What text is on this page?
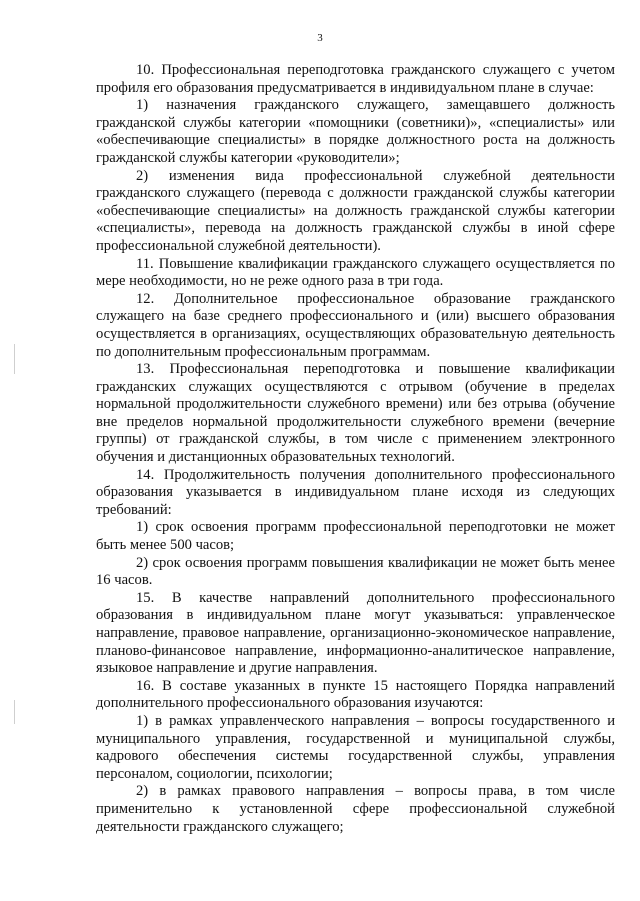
3

10. Профессиональная переподготовка гражданского служащего с учетом профиля его образования предусматривается в индивидуальном плане в случае:

1) назначения гражданского служащего, замещавшего должность гражданской службы категории «помощники (советники)», «специалисты» или «обеспечивающие специалисты» в порядке должностного роста на должность гражданской службы категории «руководители»;

2) изменения вида профессиональной служебной деятельности гражданского служащего (перевода с должности гражданской службы категории «обеспечивающие специалисты» на должность гражданской службы категории «специалисты», перевода на должность гражданской службы в иной сфере профессиональной служебной деятельности).

11. Повышение квалификации гражданского служащего осуществляется по мере необходимости, но не реже одного раза в три года.

12. Дополнительное профессиональное образование гражданского служащего на базе среднего профессионального и (или) высшего образования осуществляется в организациях, осуществляющих образовательную деятельность по дополнительным профессиональным программам.

13. Профессиональная переподготовка и повышение квалификации гражданских служащих осуществляются с отрывом (обучение в пределах нормальной продолжительности служебного времени) или без отрыва (обучение вне пределов нормальной продолжительности служебного времени (вечерние группы) от гражданской службы, в том числе с применением электронного обучения и дистанционных образовательных технологий.

14. Продолжительность получения дополнительного профессионального образования указывается в индивидуальном плане исходя из следующих требований:

1) срок освоения программ профессиональной переподготовки не может быть менее 500 часов;

2) срок освоения программ повышения квалификации не может быть менее 16 часов.

15. В качестве направлений дополнительного профессионального образования в индивидуальном плане могут указываться: управленческое направление, правовое направление, организационно-экономическое направление, планово-финансовое направление, информационно-аналитическое направление, языковое направление и другие направления.

16. В составе указанных в пункте 15 настоящего Порядка направлений дополнительного профессионального образования изучаются:

1) в рамках управленческого направления – вопросы государственного и муниципального управления, государственной и муниципальной службы, кадрового обеспечения системы государственной службы, управления персоналом, социологии, психологии;

2) в рамках правового направления – вопросы права, в том числе применительно к установленной сфере профессиональной служебной деятельности гражданского служащего;
